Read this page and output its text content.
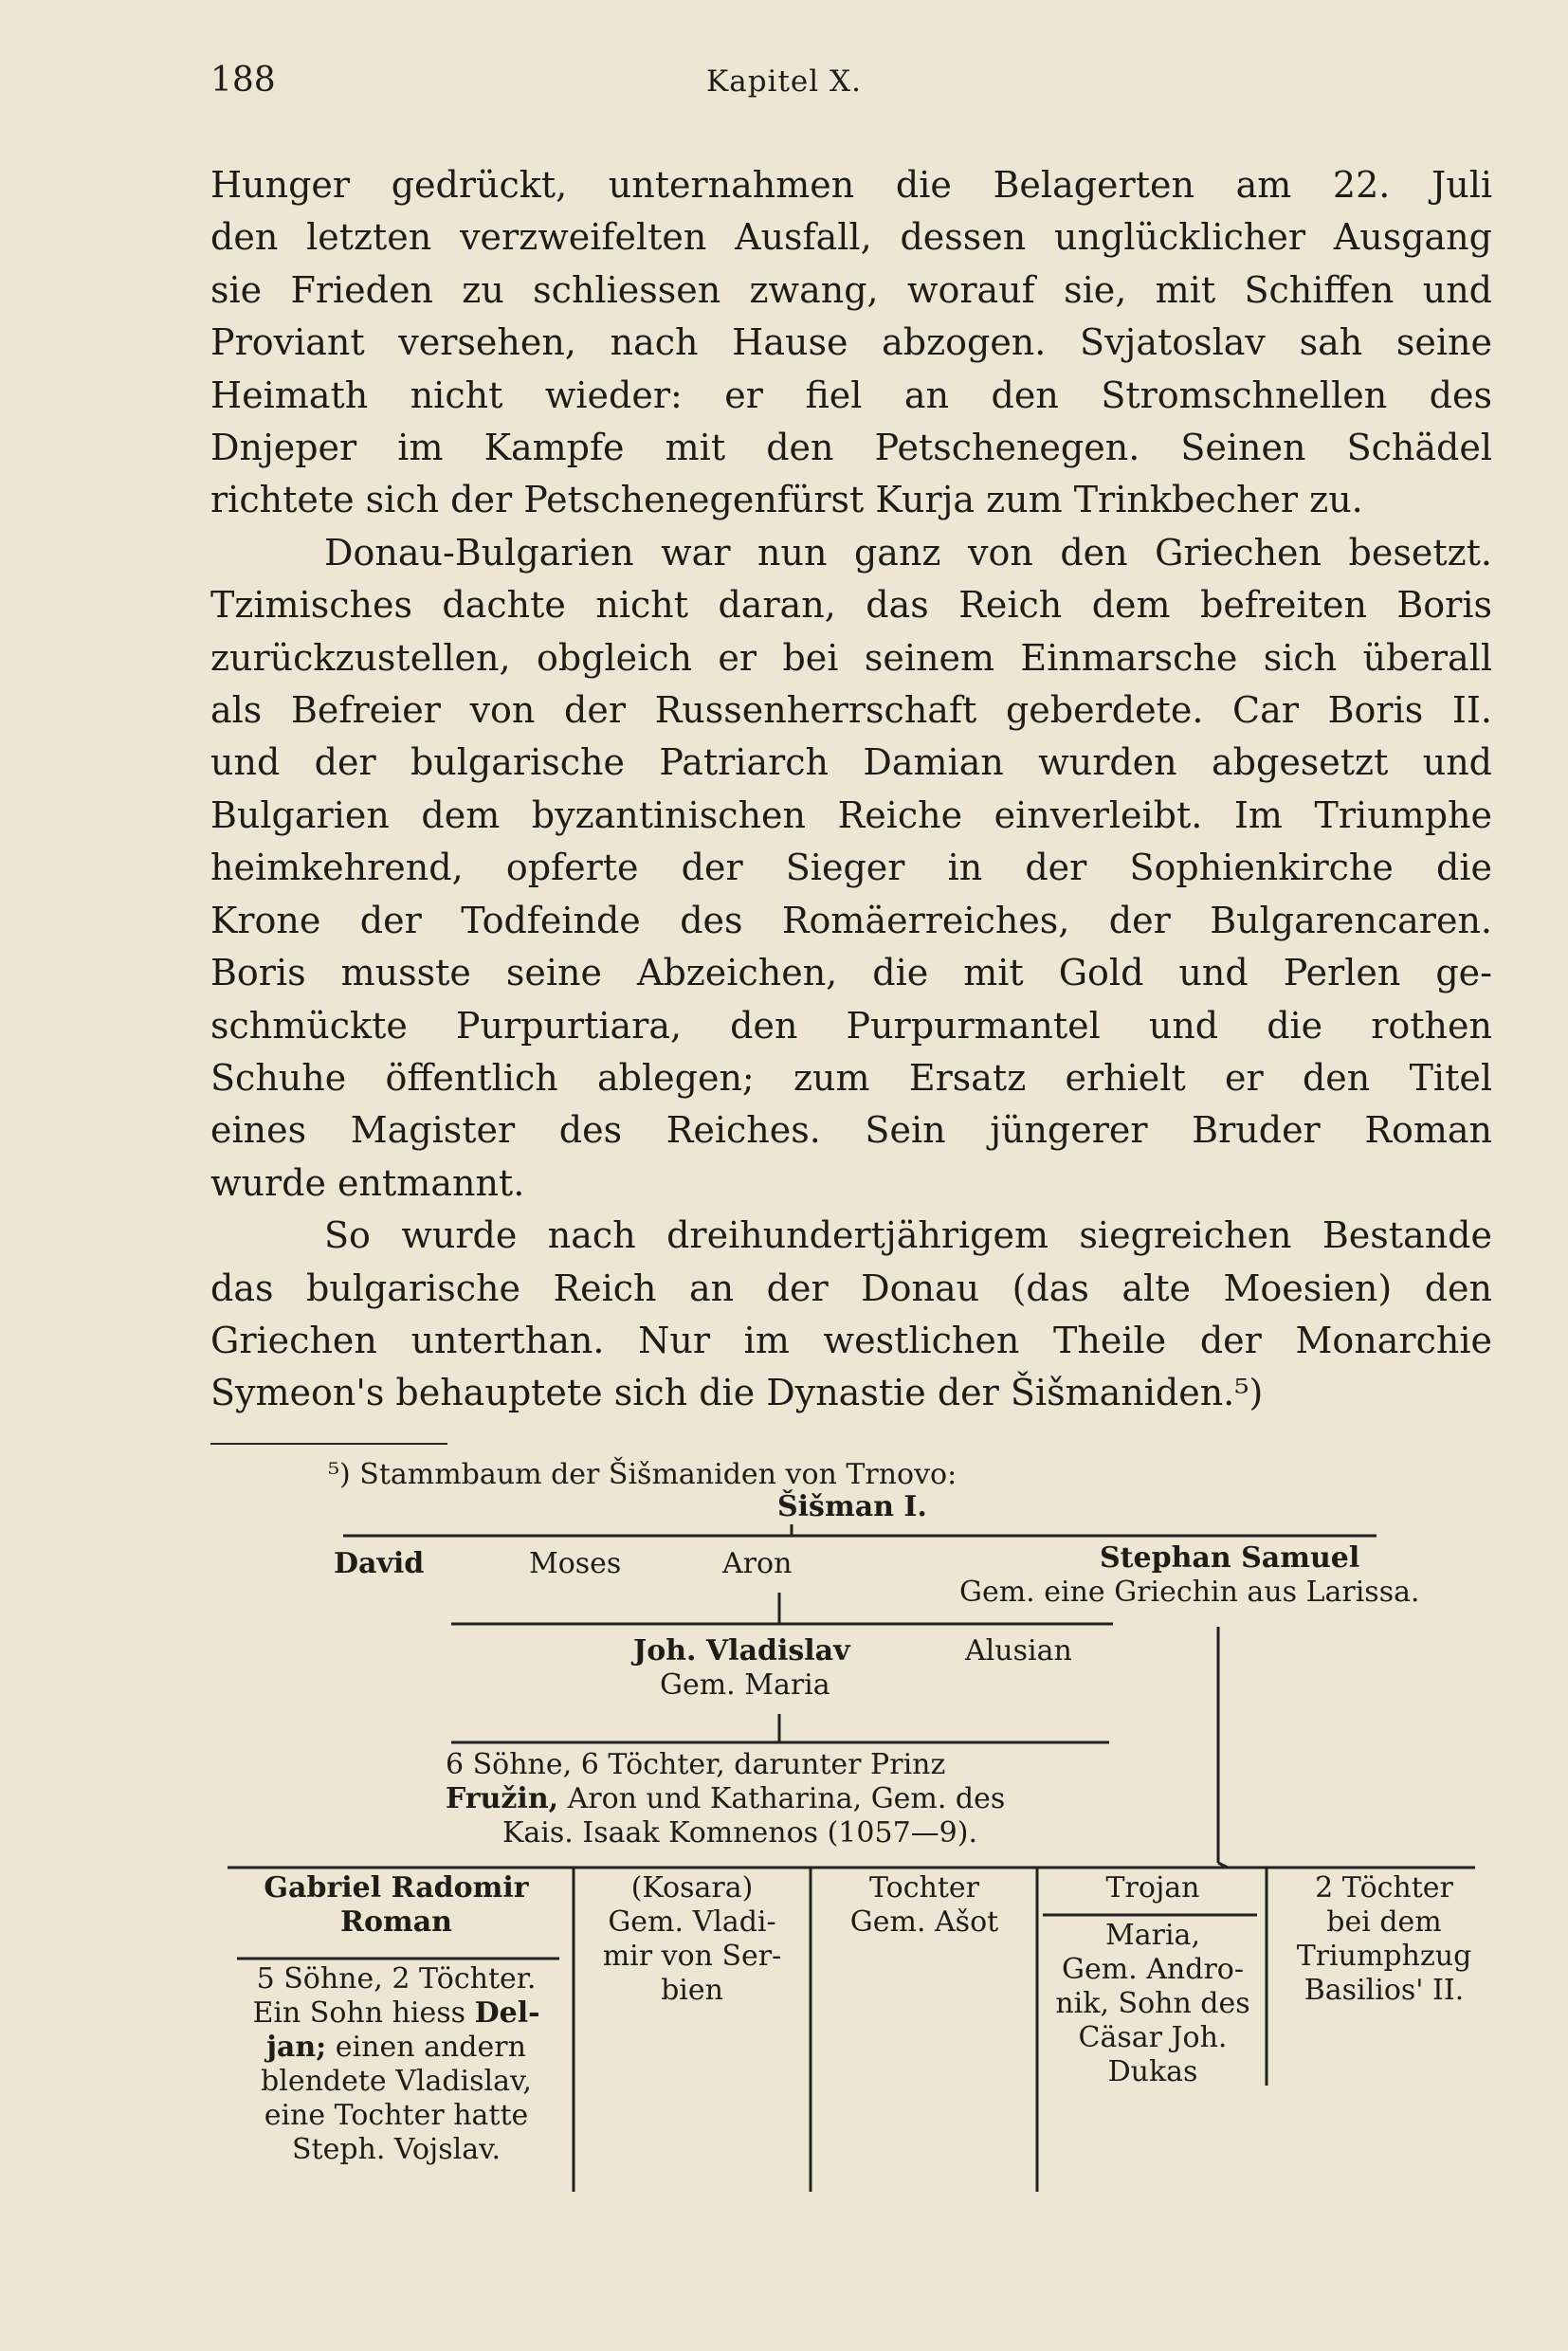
188	Kapitel X.

Hunger gedrückt, unternahmen die Belagerten am 22. Juli

den letzten verzweifelten Ausfall, dessen unglücklicher Ausgang

sie Frieden zu schliessen zwang, worauf sie, mit Schiffen und

Proviant versehen, nach Hause abzogen. Svjatoslav sah seine

Heimath nicht wieder: er fiel an den Stromschnellen des

Dnjeper im Kampfe mit den Petschenegen. Seinen Schädel

richtete sich der Petschenegenfürst Kurja zum Trinkbecher zu.

Donau-Bulgarien war nun ganz von den Griechen besetzt.

Tzimisches dachte nicht daran, das Reich dem befreiten Boris

zurückzustellen, obgleich er bei seinem Einmarsche sich überall

als Befreier von der Russenherrschaft geberdete. Car Boris II.

und der bulgarische Patriarch Damian wurden abgesetzt und

Bulgarien dem byzantinischen Reiche einverleibt. Im Triumphe

heimkehrend, opferte der Sieger in der Sophienkirche die

Krone der Todfeinde des Romäerreiches, der Bulgarencaren.

Boris musste seine Abzeichen, die mit Gold und Perlen ge-

schmückte Purpurtiara, den Purpurmantel und die rothen

Schuhe öffentlich ablegen; zum Ersatz erhielt er den Titel

eines Magister des Reiches. Sein jüngerer Bruder Roman

wurde entmannt.

So wurde nach dreihundertjährigem siegreichen Bestande

das bulgarische Reich an der Donau (das alte Moesien) den

Griechen unterthan. Nur im westlichen Theile der Monarchie

Symeon's behauptete sich die Dynastie der Šišmaniden.⁵)

⁵) Stammbaum der Šišmaniden von Trnovo:
Šišman I.
David	Moses	Aron	Stephan Samuel
Gem. eine Griechin aus Larissa.
Joh. Vladislav	Alusian
Gem. Maria
6 Söhne, 6 Töchter, darunter Prinz
Fružin, Aron und Katharina, Gem. des
Kais. Isaak Komnenos (1057—9).
Gabriel Radomir
Roman
5 Söhne, 2 Töchter.
Ein Sohn hiess Del-
jan; einen andern
blendete Vladislav,
eine Tochter hatte
Steph. Vojslav.
(Kosara)
Gem. Vladi-
mir von Ser-
bien
Tochter
Gem. Ašot
Trojan
Maria,
Gem. Andro-
nik, Sohn des
Cäsar Joh.
Dukas
2 Töchter
bei dem
Triumphzug
Basilios' II.
